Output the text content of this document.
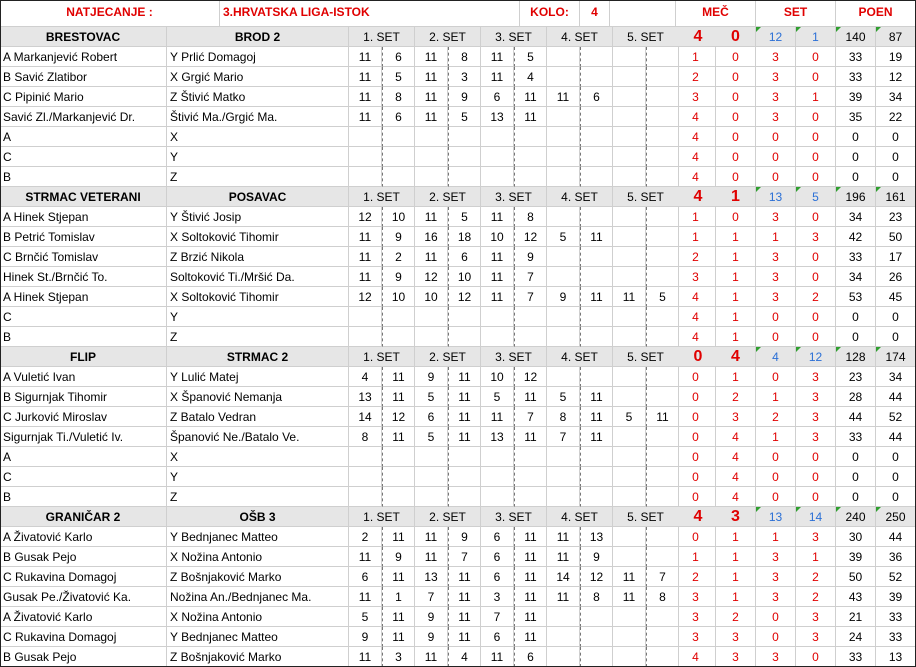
NATJECANJE :	3.HRVATSKA LIGA-ISTOK	KOLO:	4	MEČ	SET	POEN
BRESTOVAC	BROD 2	1. SET	2. SET	3. SET	4. SET	5. SET	4	0	12	1	140	87
A Markanjević Robert	Y Prlić Domagoj	11	6	11	8	11	5	1	0	3	0	33	19
B Savić Zlatibor	X Grgić Mario	11	5	11	3	11	4	2	0	3	0	33	12
C Pipinić Mario	Z Štivić Matko	11	8	11	9	6	11	11	6	3	0	3	1	39	34
Savić Zl./Markanjević Dr.	Štivić Ma./Grgić Ma.	11	6	11	5	13	11	4	0	3	0	35	22
A	X	4	0	0	0	0	0
C	Y	4	0	0	0	0	0
B	Z	4	0	0	0	0	0
STRMAC VETERANI	POSAVAC	1. SET	2. SET	3. SET	4. SET	5. SET	4	1	13	5	196	161
A Hinek Stjepan	Y Štivić Josip	12	10	11	5	11	8	1	0	3	0	34	23
B Petrić Tomislav	X Soltoković Tihomir	11	9	16	18	10	12	5	11	1	1	1	3	42	50
C Brnčić Tomislav	Z Brzić Nikola	11	2	11	6	11	9	2	1	3	0	33	17
Hinek St./Brnčić To.	Soltoković Ti./Mršić Da.	11	9	12	10	11	7	3	1	3	0	34	26
A Hinek Stjepan	X Soltoković Tihomir	12	10	10	12	11	7	9	11	11	5	4	1	3	2	53	45
C	Y	4	1	0	0	0	0
B	Z	4	1	0	0	0	0
FLIP	STRMAC 2	1. SET	2. SET	3. SET	4. SET	5. SET	0	4	4	12	128	174
A Vuletić Ivan	Y Lulić Matej	4	11	9	11	10	12	0	1	0	3	23	34
B Sigurnjak Tihomir	X Španović Nemanja	13	11	5	11	5	11	5	11	0	2	1	3	28	44
C Jurković Miroslav	Z Batalo Vedran	14	12	6	11	11	7	8	11	5	11	0	3	2	3	44	52
Sigurnjak Ti./Vuletić Iv.	Španović Ne./Batalo Ve.	8	11	5	11	13	11	7	11	0	4	1	3	33	44
A	X	0	4	0	0	0	0
C	Y	0	4	0	0	0	0
B	Z	0	4	0	0	0	0
GRANIČAR 2	OŠB 3	1. SET	2. SET	3. SET	4. SET	5. SET	4	3	13	14	240	250
A Živatović Karlo	Y Bednjanec Matteo	2	11	11	9	6	11	11	13	0	1	1	3	30	44
B Gusak Pejo	X Nožina Antonio	11	9	11	7	6	11	11	9	1	1	3	1	39	36
C Rukavina Domagoj	Z Bošnjaković Marko	6	11	13	11	6	11	14	12	11	7	2	1	3	2	50	52
Gusak Pe./Živatović Ka.	Nožina An./Bednjanec Ma.	11	1	7	11	3	11	11	8	11	8	3	1	3	2	43	39
A Živatović Karlo	X Nožina Antonio	5	11	9	11	7	11	3	2	0	3	21	33
C Rukavina Domagoj	Y Bednjanec Matteo	9	11	9	11	6	11	3	3	0	3	24	33
B Gusak Pejo	Z Bošnjaković Marko	11	3	11	4	11	6	4	3	3	0	33	13
